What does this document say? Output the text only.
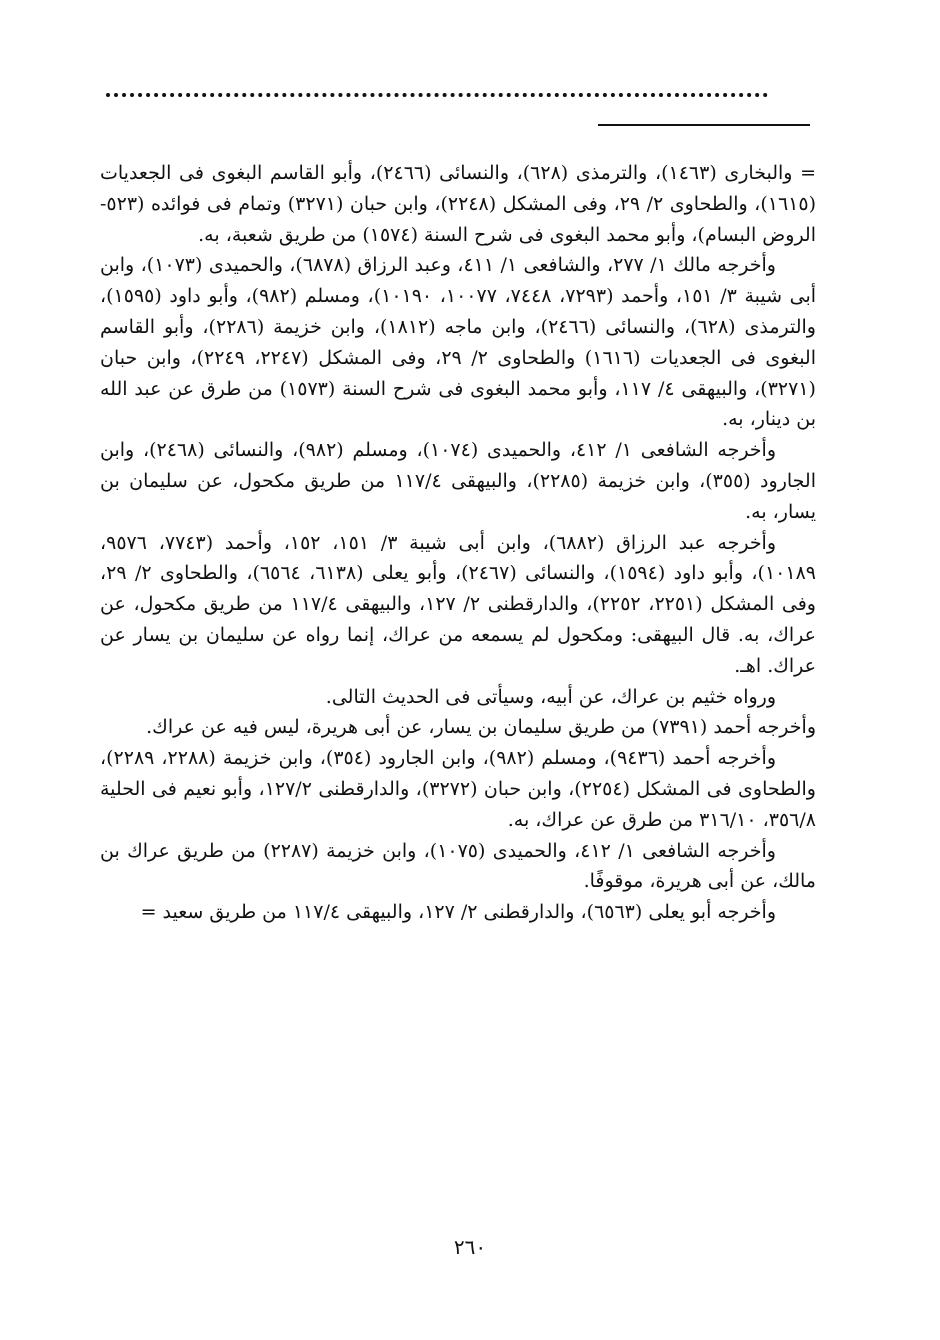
= والبخارى (١٤٦٣)، والترمذى (٦٢٨)، والنسائى (٢٤٦٦)، وأبو القاسم البغوى فى الجعديات (١٦١٥)، والطحاوى ٢/ ٢٩، وفى المشكل (٢٢٤٨)، وابن حبان (٣٢٧١) وتمام فى فوائده (٥٢٣- الروض البسام)، وأبو محمد البغوى فى شرح السنة (١٥٧٤) من طريق شعبة، به.

وأخرجه مالك ١/ ٢٧٧، والشافعى ١/ ٤١١، وعبد الرزاق (٦٨٧٨)، والحميدى (١٠٧٣)، وابن أبى شيبة ٣/ ١٥١، وأحمد (٧٢٩٣، ٧٤٤٨، ١٠٠٧٧، ١٠١٩٠)، ومسلم (٩٨٢)، وأبو داود (١٥٩٥)، والترمذى (٦٢٨)، والنسائى (٢٤٦٦)، وابن ماجه (١٨١٢)، وابن خزيمة (٢٢٨٦)، وأبو القاسم البغوى فى الجعديات (١٦١٦) والطحاوى ٢/ ٢٩، وفى المشكل (٢٢٤٧، ٢٢٤٩)، وابن حبان (٣٢٧١)، والبيهقى ٤/ ١١٧، وأبو محمد البغوى فى شرح السنة (١٥٧٣) من طرق عن عبد الله بن دينار، به.

وأخرجه الشافعى ١/ ٤١٢، والحميدى (١٠٧٤)، ومسلم (٩٨٢)، والنسائى (٢٤٦٨)، وابن الجارود (٣٥٥)، وابن خزيمة (٢٢٨٥)، والبيهقى ١١٧/٤ من طريق مكحول، عن سليمان بن يسار، به.

وأخرجه عبد الرزاق (٦٨٨٢)، وابن أبى شيبة ٣/ ١٥١، ١٥٢، وأحمد (٧٧٤٣، ٩٥٧٦، ١٠١٨٩)، وأبو داود (١٥٩٤)، والنسائى (٢٤٦٧)، وأبو يعلى (٦١٣٨، ٦٥٦٤)، والطحاوى ٢/ ٢٩، وفى المشكل (٢٢٥١، ٢٢٥٢)، والدارقطنى ٢/ ١٢٧، والبيهقى ١١٧/٤ من طريق مكحول، عن عراك، به. قال البيهقى: ومكحول لم يسمعه من عراك، إنما رواه عن سليمان بن يسار عن عراك. اهـ.

ورواه خثيم بن عراك، عن أبيه، وسيأتى فى الحديث التالى.

وأخرجه أحمد (٧٣٩١) من طريق سليمان بن يسار، عن أبى هريرة، ليس فيه عن عراك.

وأخرجه أحمد (٩٤٣٦)، ومسلم (٩٨٢)، وابن الجارود (٣٥٤)، وابن خزيمة (٢٢٨٨، ٢٢٨٩)، والطحاوى فى المشكل (٢٢٥٤)، وابن حبان (٣٢٧٢)، والدارقطنى ١٢٧/٢، وأبو نعيم فى الحلية ٣٥٦/٨، ٣١٦/١٠ من طرق عن عراك، به.

وأخرجه الشافعى ١/ ٤١٢، والحميدى (١٠٧٥)، وابن خزيمة (٢٢٨٧) من طريق عراك بن مالك، عن أبى هريرة، موقوفًا.

وأخرجه أبو يعلى (٦٥٦٣)، والدارقطنى ٢/ ١٢٧، والبيهقى ١١٧/٤ من طريق سعيد =

٢٦٠
